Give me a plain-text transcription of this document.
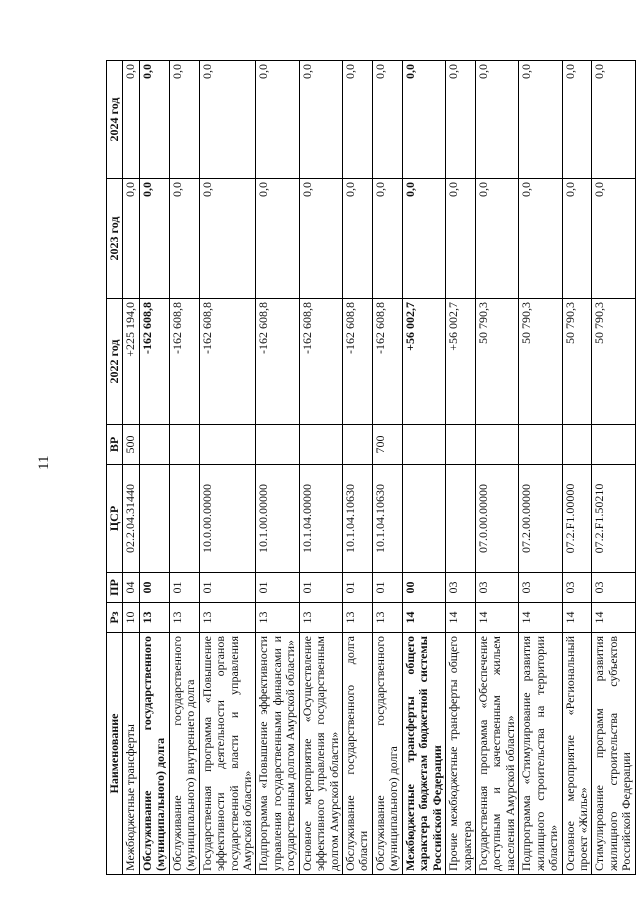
11
Наименование	Рз	ПР	ЦСР	ВР	2022 год	2023 год	2024 год
Межбюджетные трансферты	10	04	02.2.04.31440	500	+225 194,0	0,0	0,0
Обслуживание государственного (муниципального) долга	13	00			-162 608,8	0,0	0,0
Обслуживание государственного (муниципального) внутреннего долга	13	01			-162 608,8	0,0	0,0
Государственная программа «Повышение эффективности деятельности органов государственной власти и управления Амурской области»	13	01	10.0.00.00000		-162 608,8	0,0	0,0
Подпрограмма «Повышение эффективности управления государственными финансами и государственным долгом Амурской области»	13	01	10.1.00.00000		-162 608,8	0,0	0,0
Основное мероприятие «Осуществление эффективного управления государственным долгом Амурской области»	13	01	10.1.04.00000		-162 608,8	0,0	0,0
Обслуживание государственного долга области	13	01	10.1.04.10630		-162 608,8	0,0	0,0
Обслуживание государственного (муниципального) долга	13	01	10.1.04.10630	700	-162 608,8	0,0	0,0
Межбюджетные трансферты общего характера бюджетам бюджетной системы Российской Федерации	14	00			+56 002,7	0,0	0,0
Прочие межбюджетные трансферты общего характера	14	03			+56 002,7	0,0	0,0
Государственная программа «Обеспечение доступным и качественным жильем населения Амурской области»	14	03	07.0.00.00000		50 790,3	0,0	0,0
Подпрограмма «Стимулирование развития жилищного строительства на территории области»	14	03	07.2.00.00000		50 790,3	0,0	0,0
Основное мероприятие «Региональный проект «Жилье»	14	03	07.2.F1.00000		50 790,3	0,0	0,0
Стимулирование программ развития жилищного строительства субъектов Российской Федерации	14	03	07.2.F1.50210		50 790,3	0,0	0,0
